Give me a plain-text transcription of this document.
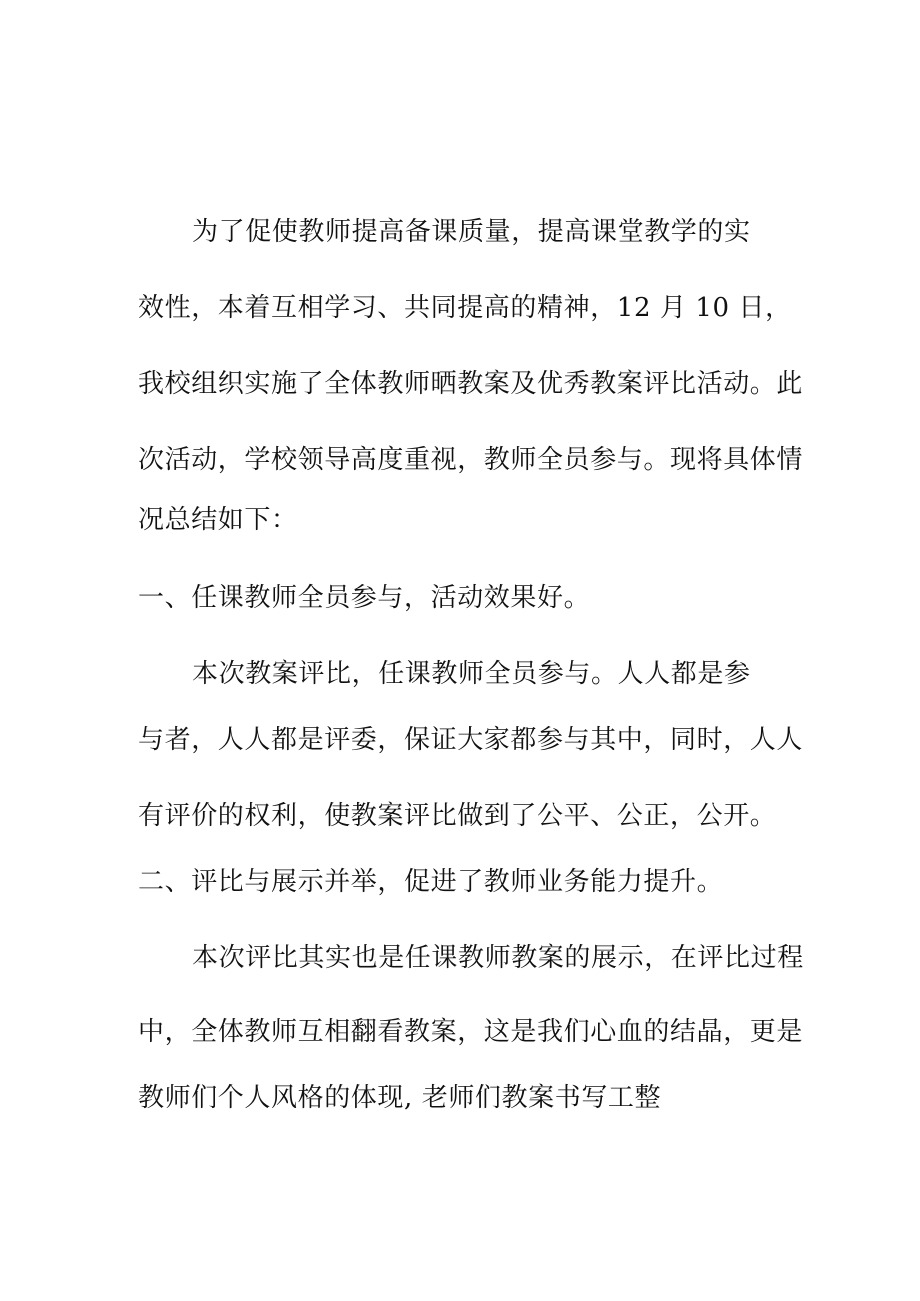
为了促使教师提高备课质量，提高课堂教学的实
效性，本着互相学习、共同提高的精神，12 月 10 日，
我校组织实施了全体教师晒教案及优秀教案评比活动。此
次活动，学校领导高度重视，教师全员参与。现将具体情
况总结如下：
一、任课教师全员参与，活动效果好。
本次教案评比，任课教师全员参与。人人都是参
与者，人人都是评委，保证大家都参与其中，同时，人人
有评价的权利，使教案评比做到了公平、公正，公开。
二、评比与展示并举，促进了教师业务能力提升。
本次评比其实也是任课教师教案的展示，在评比过程
中，全体教师互相翻看教案，这是我们心血的结晶，更是
教师们个人风格的体现, 老师们教案书写工整
